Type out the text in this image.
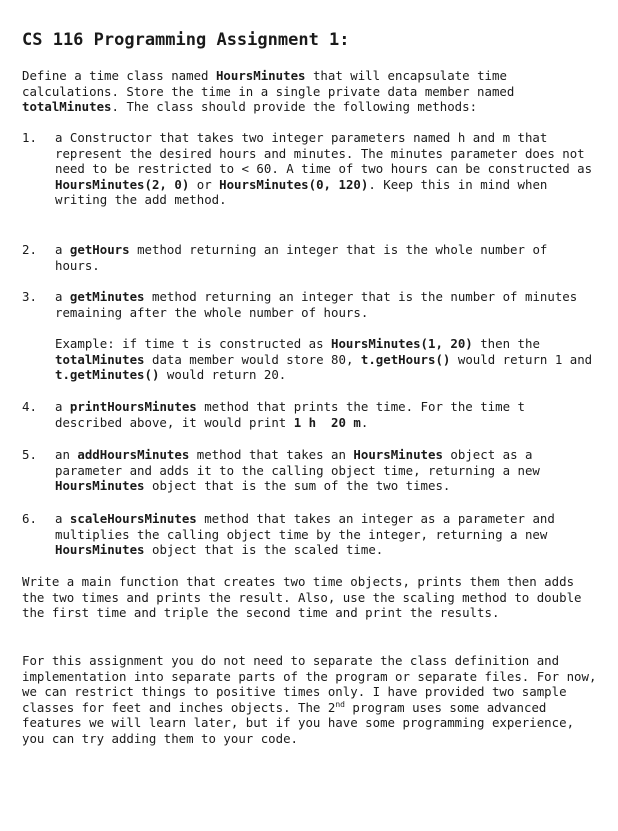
CS 116 Programming Assignment 1:

Define a time class named HoursMinutes that will encapsulate time calculations. Store the time in a single private data member named totalMinutes. The class should provide the following methods:

1. a Constructor that takes two integer parameters named h and m that represent the desired hours and minutes. The minutes parameter does not need to be restricted to < 60. A time of two hours can be constructed as HoursMinutes(2, 0) or HoursMinutes(0, 120). Keep this in mind when writing the add method.

2. a getHours method returning an integer that is the whole number of hours.

3. a getMinutes method returning an integer that is the number of minutes remaining after the whole number of hours.

Example: if time t is constructed as HoursMinutes(1, 20) then the totalMinutes data member would store 80, t.getHours() would return 1 and t.getMinutes() would return 20.

4. a printHoursMinutes method that prints the time. For the time t described above, it would print 1 h  20 m.

5. an addHoursMinutes method that takes an HoursMinutes object as a parameter and adds it to the calling object time, returning a new HoursMinutes object that is the sum of the two times.

6. a scaleHoursMinutes method that takes an integer as a parameter and multiplies the calling object time by the integer, returning a new HoursMinutes object that is the scaled time.

Write a main function that creates two time objects, prints them then adds the two times and prints the result. Also, use the scaling method to double the first time and triple the second time and print the results.

For this assignment you do not need to separate the class definition and implementation into separate parts of the program or separate files. For now, we can restrict things to positive times only. I have provided two sample classes for feet and inches objects. The 2nd program uses some advanced features we will learn later, but if you have some programming experience, you can try adding them to your code.
